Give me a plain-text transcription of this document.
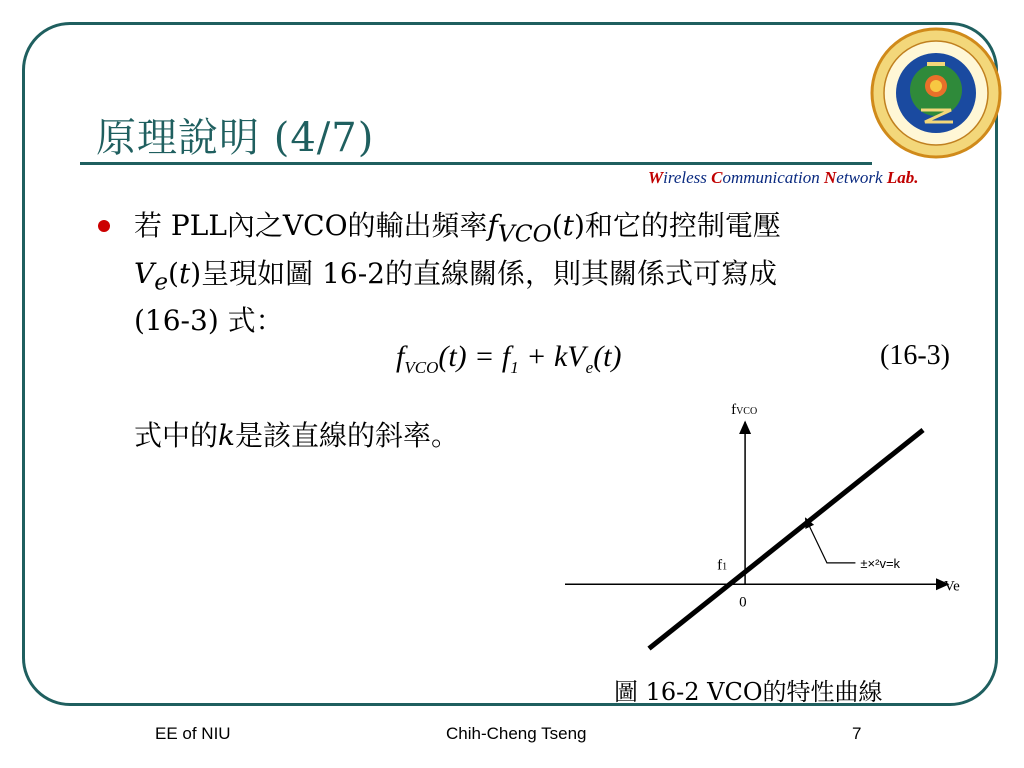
原理說明 (4/7)
Wireless Communication Network Lab.

若 PLL內之VCO的輸出頻率$f_{VCO}(t)$和它的控制電壓

$V_e(t)$呈現如圖 16-2的直線關係，則其關係式可寫成

(16-3) 式：

$f_{VCO}(t) = f_1 + kV_e(t)$	(16-3)
式中的k是該直線的斜率。
fVCO
Ve
0
f1	±×²v=k
圖 16-2 VCO的特性曲線
EE of NIU	Chih-Cheng Tseng	7
